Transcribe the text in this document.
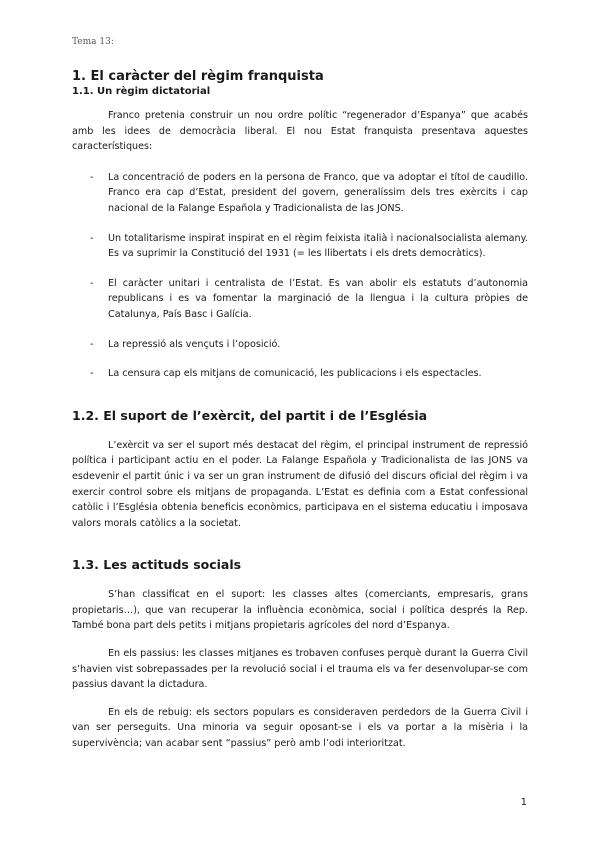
Tema 13:
1. El caràcter del règim franquista
1.1. Un règim dictatorial

Franco pretenia construir un nou ordre polític “regenerador d’Espanya” que acabés amb les idees de democràcia liberal. El nou Estat franquista presentava aquestes característiques:

-	La concentració de poders en la persona de Franco, que va adoptar el títol de caudillo. Franco era cap d’Estat, president del govern, generalíssim dels tres exèrcits i cap nacional de la Falange Española y Tradicionalista de las JONS.
-	Un totalitarisme inspirat inspirat en el règim feixista italià i nacionalsocialista alemany. Es va suprimir la Constitució del 1931 (= les llibertats i els drets democràtics).
-	El caràcter unitari i centralista de l’Estat. Es van abolir els estatuts d’autonomia republicans i es va fomentar la marginació de la llengua i la cultura pròpies de Catalunya, País Basc i Galícia.
-	La repressió als vençuts i l’oposició.
-	La censura cap els mitjans de comunicació, les publicacions i els espectacles.
1.2. El suport de l’exèrcit, del partit i de l’Església

L’exèrcit va ser el suport més destacat del règim, el principal instrument de repressió política i participant actiu en el poder. La Falange Española y Tradicionalista de las JONS va esdevenir el partit únic i va ser un gran instrument de difusió del discurs oficial del règim i va exercir control sobre els mitjans de propaganda. L’Estat es definia com a Estat confessional catòlic i l’Església obtenia beneficis econòmics, participava en el sistema educatiu i imposava valors morals catòlics a la societat.

1.3. Les actituds socials

S’han classificat en el suport: les classes altes (comerciants, empresaris, grans propietaris…), que van recuperar la influència econòmica, social i política després la Rep. També bona part dels petits i mitjans propietaris agrícoles del nord d’Espanya.

En els passius: les classes mitjanes es trobaven confuses perquè durant la Guerra Civil s’havien vist sobrepassades per la revolució social i el trauma els va fer desenvolupar-se com passius davant la dictadura.

En els de rebuig: els sectors populars es consideraven perdedors de la Guerra Civil i van ser perseguits. Una minoria va seguir oposant-se i els va portar a la misèria i la supervivència; van acabar sent “passius” però amb l’odi interioritzat.

1
